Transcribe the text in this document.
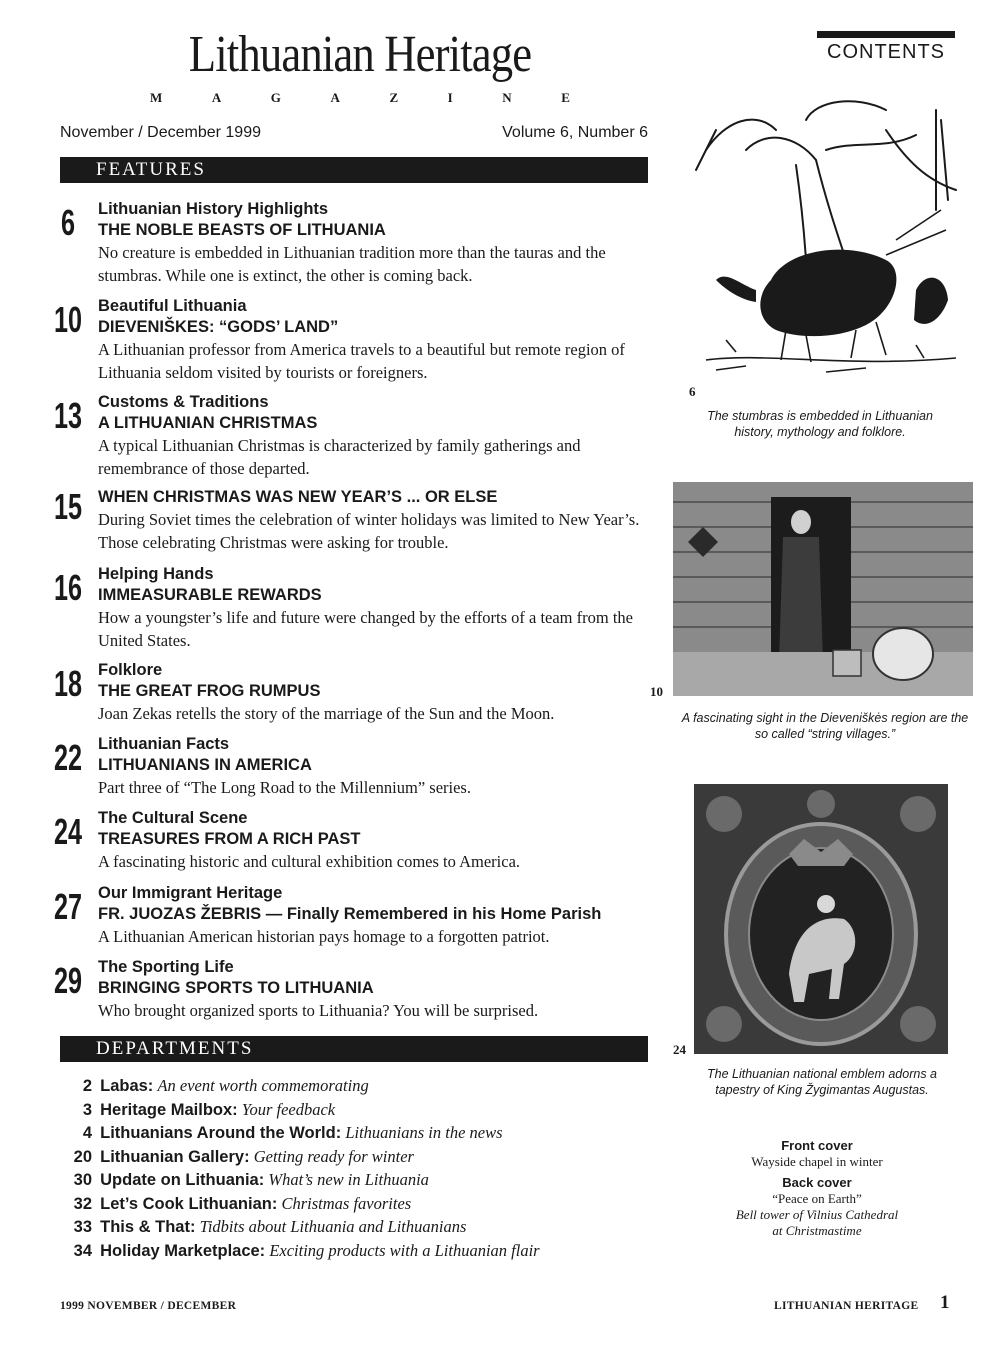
Lithuanian Heritage
M	A	G	A	Z	I	N	E
CONTENTS
November / December 1999	Volume 6, Number 6
FEATURES
6	Lithuanian History Highlights
THE NOBLE BEASTS OF LITHUANIA
No creature is embedded in Lithuanian tradition more than the tauras and the stumbras. While one is extinct, the other is coming back.
10 Beautiful Lithuania
DIEVENIŠKES: “GODS’ LAND”
A Lithuanian professor from America travels to a beautiful but remote region of Lithuania seldom visited by tourists or foreigners.
13 Customs & Traditions
A LITHUANIAN CHRISTMAS
A typical Lithuanian Christmas is characterized by family gatherings and remembrance of those departed.
15 WHEN CHRISTMAS WAS NEW YEAR’S ... OR ELSE
During Soviet times the celebration of winter holidays was limited to New Year’s. Those celebrating Christmas were asking for trouble.
16 Helping Hands
IMMEASURABLE REWARDS
How a youngster’s life and future were changed by the efforts of a team from the United States.
18 Folklore
THE GREAT FROG RUMPUS
Joan Zekas retells the story of the marriage of the Sun and the Moon.
22 Lithuanian Facts
LITHUANIANS IN AMERICA
Part three of “The Long Road to the Millennium” series.
24 The Cultural Scene
TREASURES FROM A RICH PAST
A fascinating historic and cultural exhibition comes to America.
27 Our Immigrant Heritage
FR. JUOZAS ŽEBRIS — Finally Remembered in his Home Parish
A Lithuanian American historian pays homage to a forgotten patriot.
29 The Sporting Life
BRINGING SPORTS TO LITHUANIA
Who brought organized sports to Lithuania? You will be surprised.
DEPARTMENTS
2 Labas: An event worth commemorating
3 Heritage Mailbox: Your feedback
4 Lithuanians Around the World: Lithuanians in the news
20 Lithuanian Gallery: Getting ready for winter
30 Update on Lithuania: What’s new in Lithuania
32 Let’s Cook Lithuanian: Christmas favorites
33 This & That: Tidbits about Lithuania and Lithuanians
34 Holiday Marketplace: Exciting products with a Lithuanian flair
6
The stumbras is embedded in Lithuanian history, mythology and folklore.
10
A fascinating sight in the Dieveniškės region are the so called “string villages.”
24
The Lithuanian national emblem adorns a tapestry of King Žygimantas Augustas.
Front cover
Wayside chapel in winter
Back cover
“Peace on Earth”
Bell tower of Vilnius Cathedral
at Christmastime
1999 NOVEMBER / DECEMBER	LITHUANIAN HERITAGE 1
